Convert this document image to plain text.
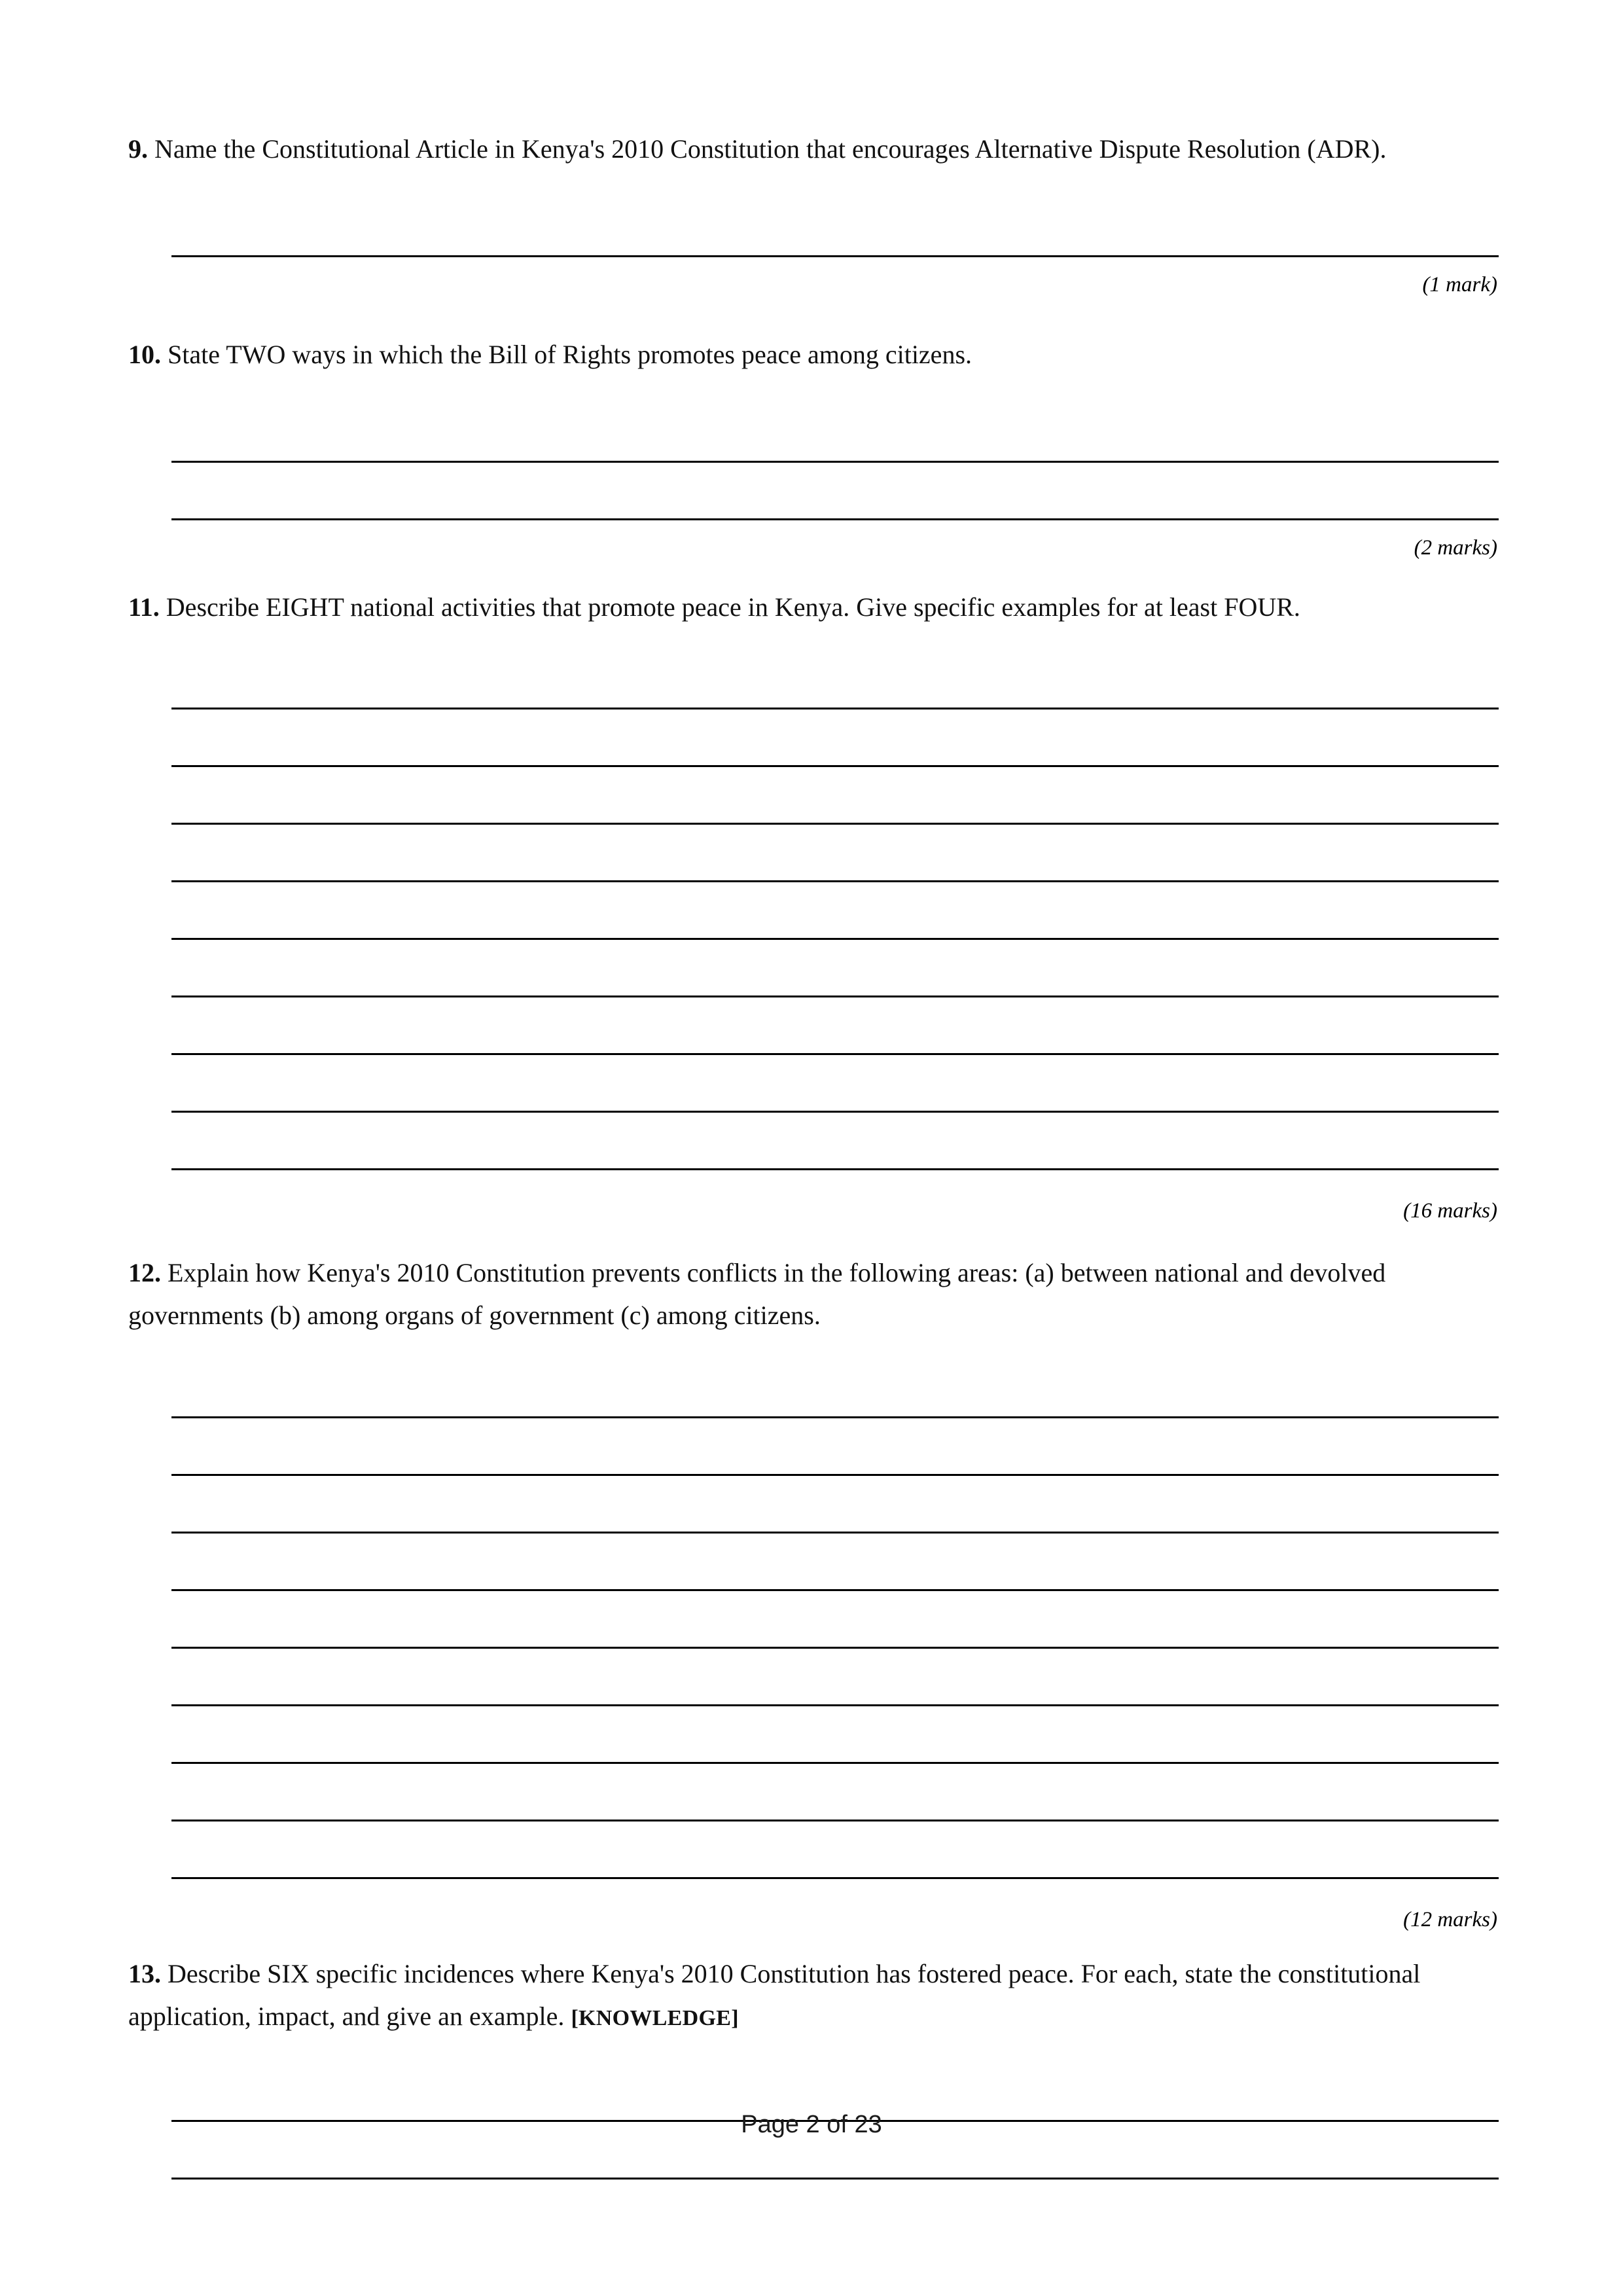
9. Name the Constitutional Article in Kenya's 2010 Constitution that encourages Alternative Dispute Resolution (ADR).

(1 mark)

10. State TWO ways in which the Bill of Rights promotes peace among citizens.

(2 marks)

11. Describe EIGHT national activities that promote peace in Kenya. Give specific examples for at least FOUR.

(16 marks)

12. Explain how Kenya's 2010 Constitution prevents conflicts in the following areas: (a) between national and devolved governments (b) among organs of government (c) among citizens.

(12 marks)

13. Describe SIX specific incidences where Kenya's 2010 Constitution has fostered peace. For each, state the constitutional application, impact, and give an example. [KNOWLEDGE]

Page 2 of 23
